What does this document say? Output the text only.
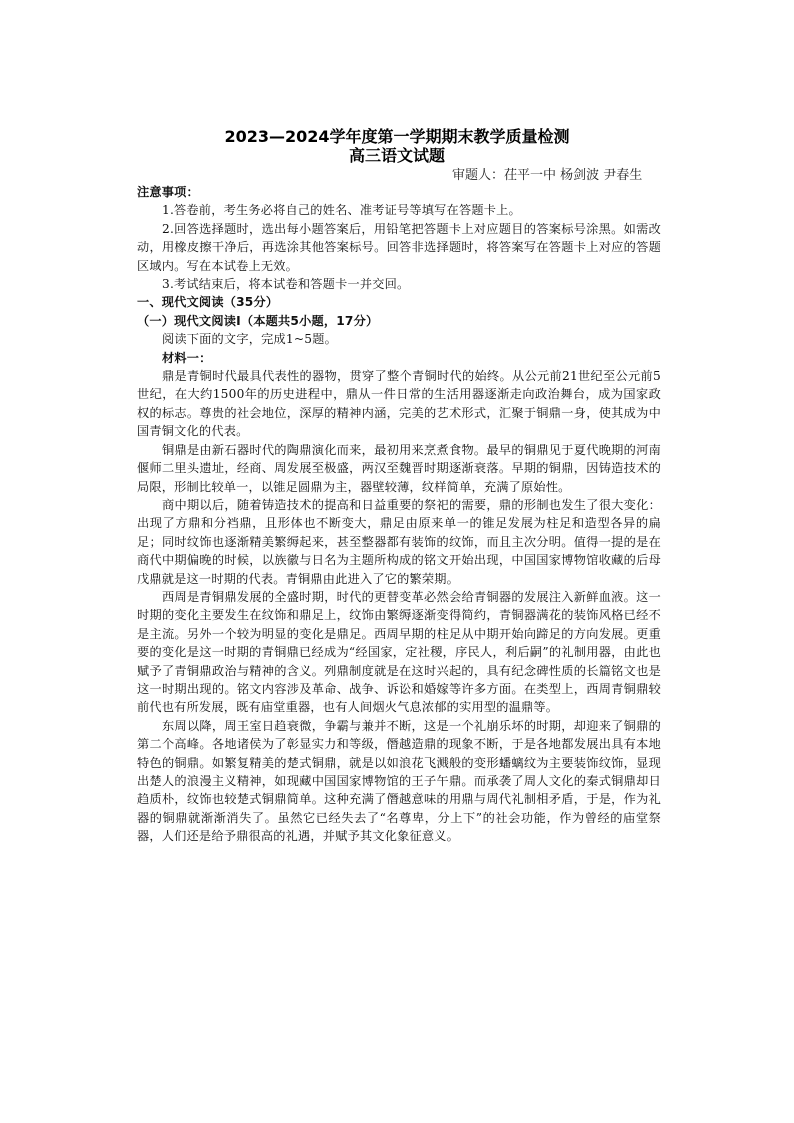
2023—2024学年度第一学期期末教学质量检测
高三语文试题
审题人：茌平一中 杨剑波 尹春生

注意事项：

1.答卷前，考生务必将自己的姓名、准考证号等填写在答题卡上。

2.回答选择题时，选出每小题答案后，用铅笔把答题卡上对应题目的答案标号涂黑。如需改动，用橡皮擦干净后，再选涂其他答案标号。回答非选择题时，将答案写在答题卡上对应的答题区域内。写在本试卷上无效。

3.考试结束后，将本试卷和答题卡一并交回。

一、现代文阅读（35分）

（一）现代文阅读I（本题共5小题，17分）

阅读下面的文字，完成1~5题。

材料一：

鼎是青铜时代最具代表性的器物，贯穿了整个青铜时代的始终。从公元前21世纪至公元前5世纪，在大约1500年的历史进程中，鼎从一件日常的生活用器逐渐走向政治舞台，成为国家政权的标志。尊贵的社会地位，深厚的精神内涵，完美的艺术形式，汇聚于铜鼎一身，使其成为中国青铜文化的代表。

铜鼎是由新石器时代的陶鼎演化而来，最初用来烹煮食物。最早的铜鼎见于夏代晚期的河南偃师二里头遗址，经商、周发展至极盛，两汉至魏晋时期逐渐衰落。早期的铜鼎，因铸造技术的局限，形制比较单一，以锥足圆鼎为主，器壁较薄，纹样简单，充满了原始性。

商中期以后，随着铸造技术的提高和日益重要的祭祀的需要，鼎的形制也发生了很大变化：出现了方鼎和分裆鼎，且形体也不断变大，鼎足由原来单一的锥足发展为柱足和造型各异的扁足；同时纹饰也逐渐精美繁缛起来，甚至整器都有装饰的纹饰，而且主次分明。值得一提的是在商代中期偏晚的时候，以族徽与日名为主题所构成的铭文开始出现，中国国家博物馆收藏的后母戊鼎就是这一时期的代表。青铜鼎由此进入了它的繁荣期。

西周是青铜鼎发展的全盛时期，时代的更替变革必然会给青铜器的发展注入新鲜血液。这一时期的变化主要发生在纹饰和鼎足上，纹饰由繁缛逐渐变得简约，青铜器满花的装饰风格已经不是主流。另外一个较为明显的变化是鼎足。西周早期的柱足从中期开始向蹄足的方向发展。更重要的变化是这一时期的青铜鼎已经成为“经国家，定社稷，序民人，利后嗣”的礼制用器，由此也赋予了青铜鼎政治与精神的含义。列鼎制度就是在这时兴起的，具有纪念碑性质的长篇铭文也是这一时期出现的。铭文内容涉及革命、战争、诉讼和婚嫁等许多方面。在类型上，西周青铜鼎较前代也有所发展，既有庙堂重器，也有人间烟火气息浓郁的实用型的温鼎等。

东周以降，周王室日趋衰微，争霸与兼并不断，这是一个礼崩乐坏的时期，却迎来了铜鼎的第二个高峰。各地诸侯为了彰显实力和等级，僭越造鼎的现象不断，于是各地都发展出具有本地特色的铜鼎。如繁复精美的楚式铜鼎，就是以如浪花飞溅般的变形蟠螭纹为主要装饰纹饰，显现出楚人的浪漫主义精神，如现藏中国国家博物馆的王子午鼎。而承袭了周人文化的秦式铜鼎却日趋质朴，纹饰也较楚式铜鼎简单。这种充满了僭越意味的用鼎与周代礼制相矛盾，于是，作为礼器的铜鼎就渐渐消失了。虽然它已经失去了“名尊卑，分上下”的社会功能，作为曾经的庙堂祭器，人们还是给予鼎很高的礼遇，并赋予其文化象征意义。
